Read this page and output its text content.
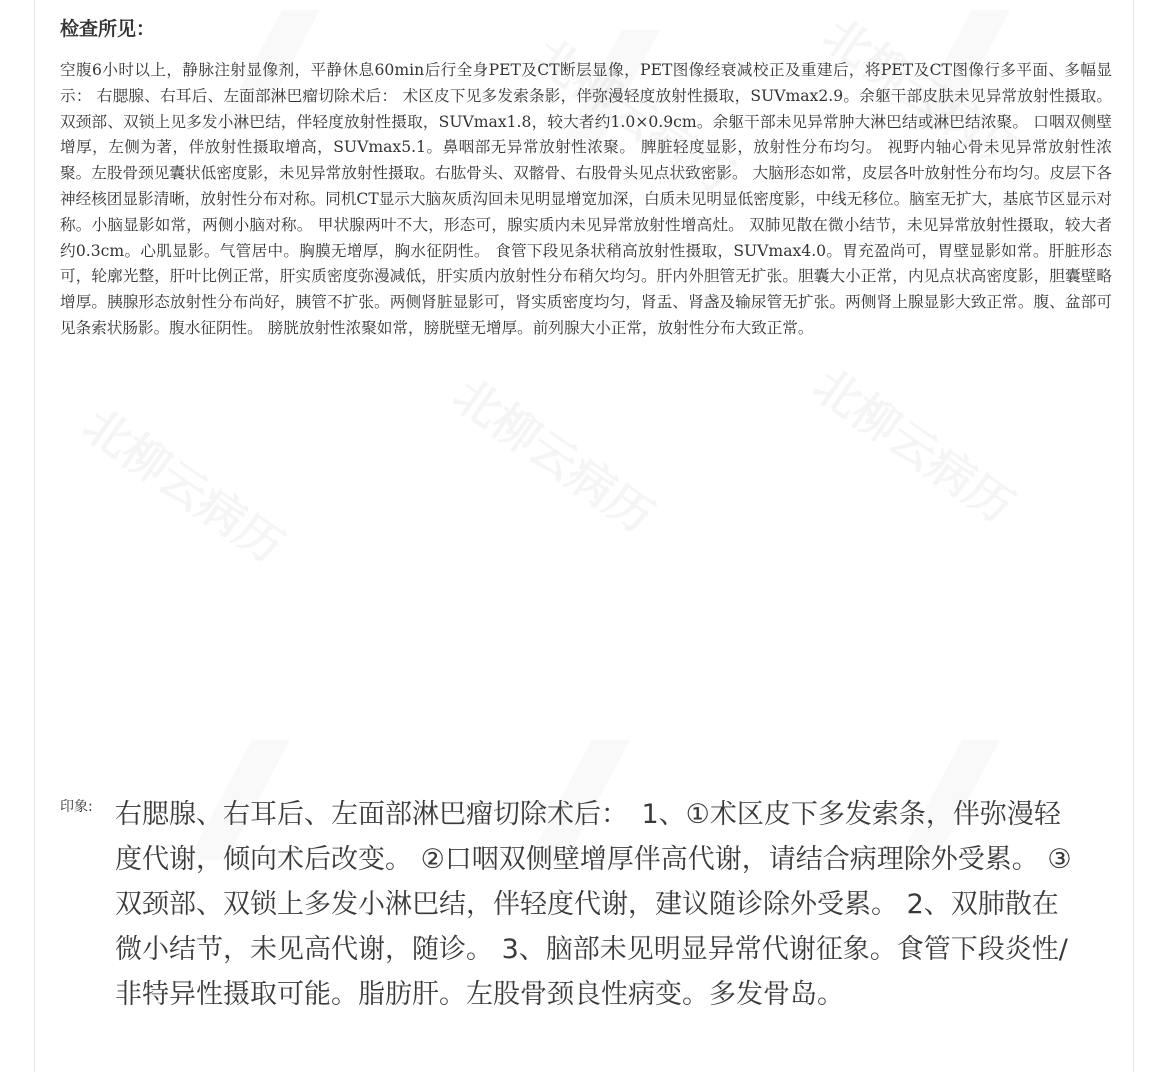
检查所见：

空腹6小时以上，静脉注射显像剂，平静休息60min后行全身PET及CT断层显像，PET图像经衰减校正及重建后，将PET及CT图像行多平面、多幅显示： 右腮腺、右耳后、左面部淋巴瘤切除术后： 术区皮下见多发索条影，伴弥漫轻度放射性摄取，SUVmax2.9。余躯干部皮肤未见异常放射性摄取。双颈部、双锁上见多发小淋巴结，伴轻度放射性摄取，SUVmax1.8，较大者约1.0×0.9cm。余躯干部未见异常肿大淋巴结或淋巴结浓聚。 口咽双侧壁增厚，左侧为著，伴放射性摄取增高，SUVmax5.1。鼻咽部无异常放射性浓聚。 脾脏轻度显影，放射性分布均匀。 视野内轴心骨未见异常放射性浓聚。左股骨颈见囊状低密度影，未见异常放射性摄取。右肱骨头、双髂骨、右股骨头见点状致密影。 大脑形态如常，皮层各叶放射性分布均匀。皮层下各神经核团显影清晰，放射性分布对称。同机CT显示大脑灰质沟回未见明显增宽加深，白质未见明显低密度影，中线无移位。脑室无扩大，基底节区显示对称。小脑显影如常，两侧小脑对称。 甲状腺两叶不大，形态可，腺实质内未见异常放射性增高灶。 双肺见散在微小结节，未见异常放射性摄取，较大者约0.3cm。心肌显影。气管居中。胸膜无增厚，胸水征阴性。 食管下段见条状稍高放射性摄取，SUVmax4.0。胃充盈尚可，胃壁显影如常。肝脏形态可，轮廓光整，肝叶比例正常，肝实质密度弥漫减低，肝实质内放射性分布稍欠均匀。肝内外胆管无扩张。胆囊大小正常，内见点状高密度影，胆囊壁略增厚。胰腺形态放射性分布尚好，胰管不扩张。两侧肾脏显影可，肾实质密度均匀，肾盂、肾盏及输尿管无扩张。两侧肾上腺显影大致正常。腹、盆部可见条索状肠影。腹水征阴性。 膀胱放射性浓聚如常，膀胱壁无增厚。前列腺大小正常，放射性分布大致正常。

印象: 右腮腺、右耳后、左面部淋巴瘤切除术后：　1、①术区皮下多发索条，伴弥漫轻度代谢，倾向术后改变。 ②口咽双侧壁增厚伴高代谢，请结合病理除外受累。 ③双颈部、双锁上多发小淋巴结，伴轻度代谢，建议随诊除外受累。 2、双肺散在微小结节，未见高代谢，随诊。 3、脑部未见明显异常代谢征象。食管下段炎性/非特异性摄取可能。脂肪肝。左股骨颈良性病变。多发骨岛。
